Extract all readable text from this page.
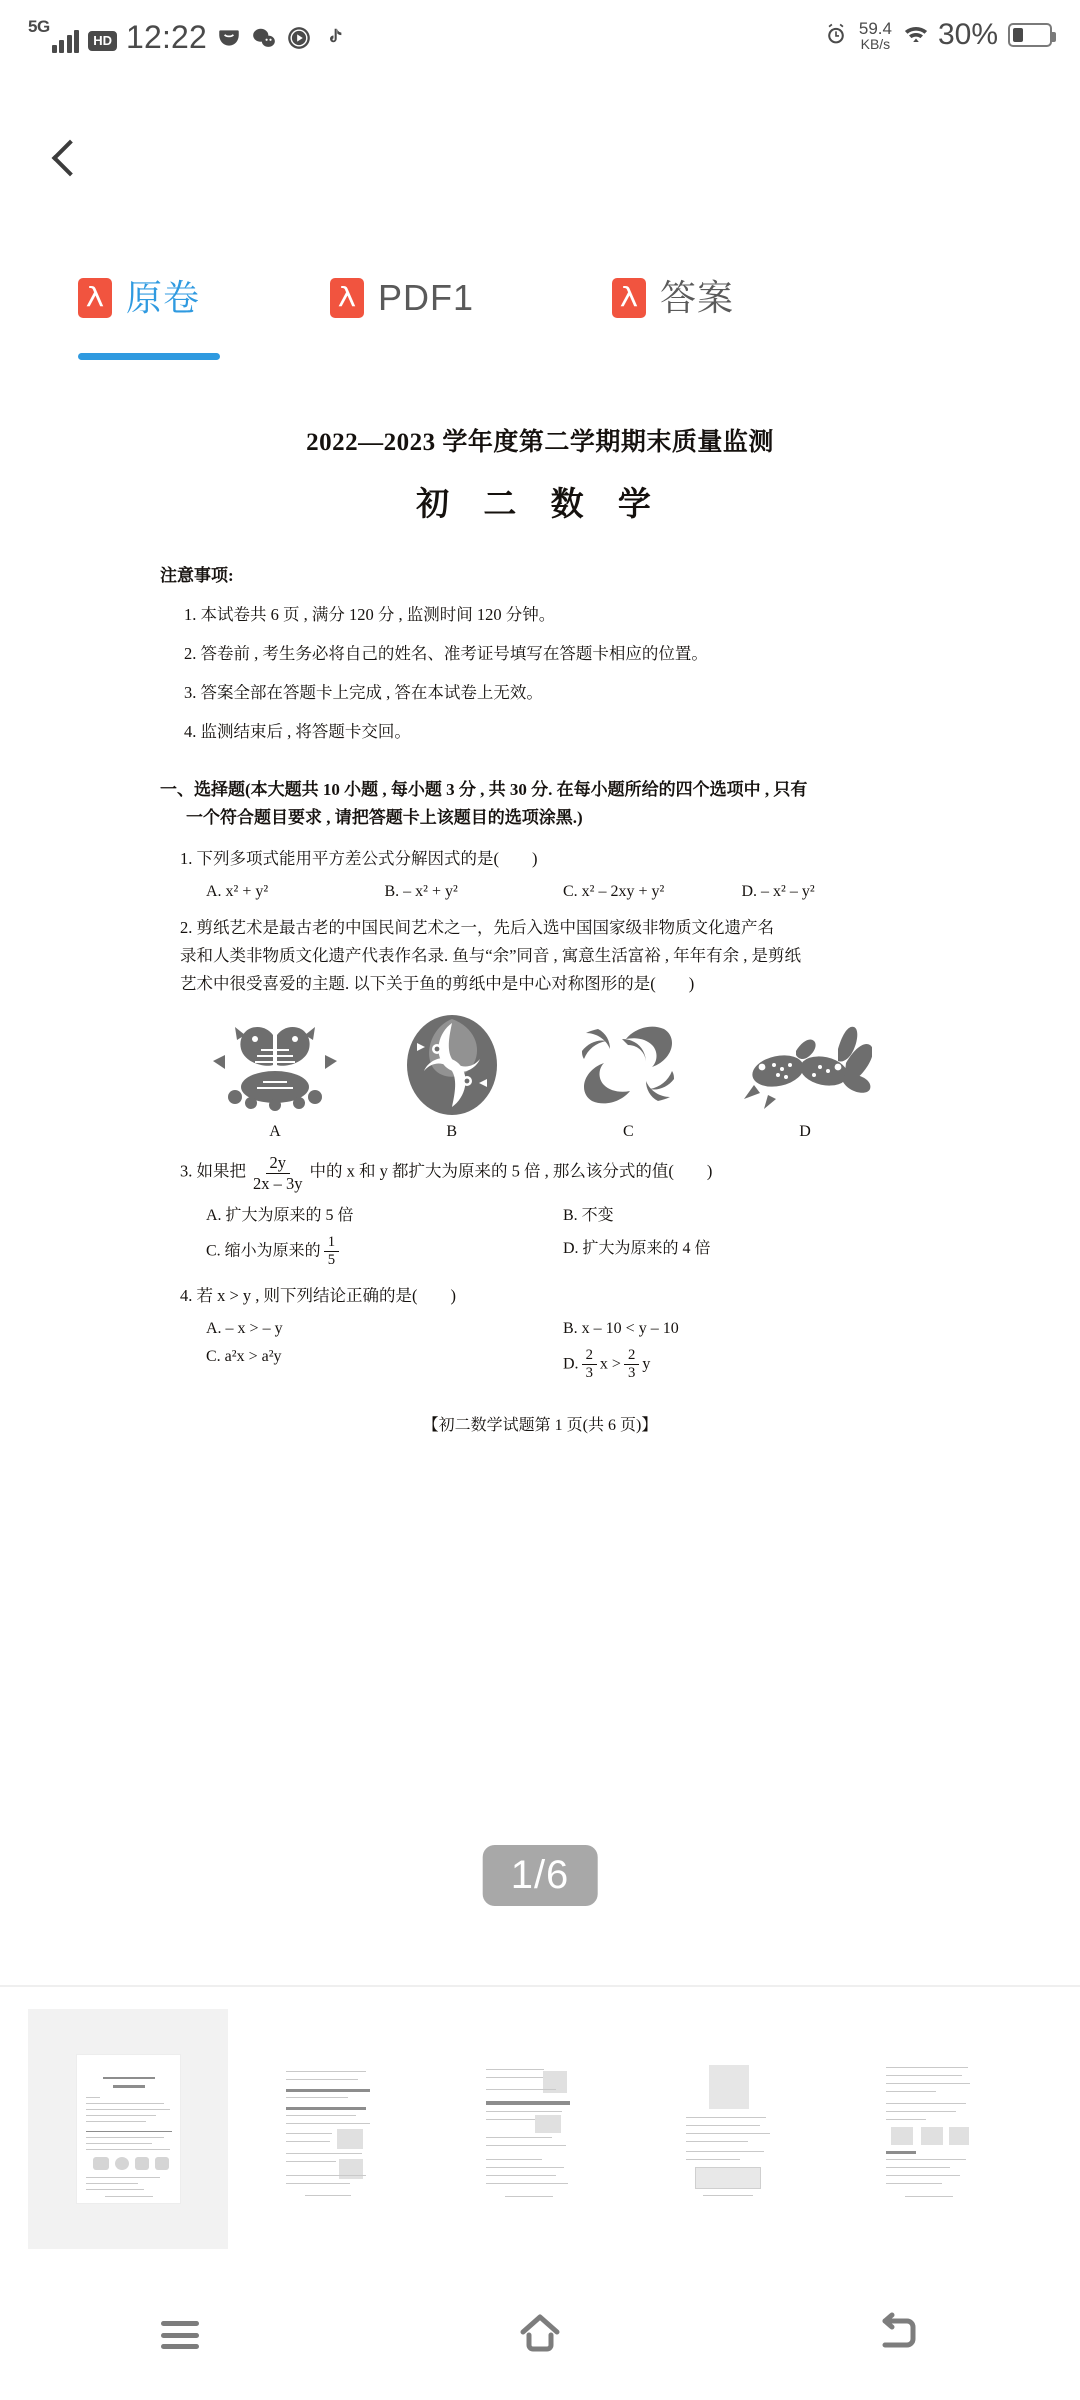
5G
HD 12:22	59.4
KB/s 30%
λ
原卷 λ	PDF1 λ	答案
2022—2023 学年度第二学期期末质量监测
初 二 数 学
注意事项:
1. 本试卷共 6 页 , 满分 120 分 , 监测时间 120 分钟。
2. 答卷前 , 考生务必将自己的姓名、准考证号填写在答题卡相应的位置。
3. 答案全部在答题卡上完成 , 答在本试卷上无效。
4. 监测结束后 , 将答题卡交回。
一、选择题(本大题共 10 小题 , 每小题 3 分 , 共 30 分. 在每小题所给的四个选项中 , 只有
一个符合题目要求 , 请把答题卡上该题目的选项涂黑.)
1. 下列多项式能用平方差公式分解因式的是(　　)
A. x² + y²	B. – x² + y²	C. x² – 2xy + y²	D. – x² – y²
2. 剪纸艺术是最古老的中国民间艺术之一，先后入选中国国家级非物质文化遗产名
录和人类非物质文化遗产代表作名录. 鱼与“余”同音 , 寓意生活富裕 , 年年有余 , 是剪纸
艺术中很受喜爱的主题. 以下关于鱼的剪纸中是中心对称图形的是(　　)
A	B	C	D
3. 如果把 $\frac{2y}{2x - 3y}$ 中的 x 和 y 都扩大为原来的 5 倍 , 那么该分式的值(　　)
A. 扩大为原来的 5 倍	B. 不变
C. 缩小为原来的 $\frac{1}{5}$	D. 扩大为原来的 4 倍
4. 若 x > y , 则下列结论正确的是(　　)
A. – x > – y	B. x – 10 < y – 10
C. a²x > a²y	D. $\frac{2}{3}$ $x > \frac{2}{3}$ y
【初二数学试题第 1 页(共 6 页)】
1/6
